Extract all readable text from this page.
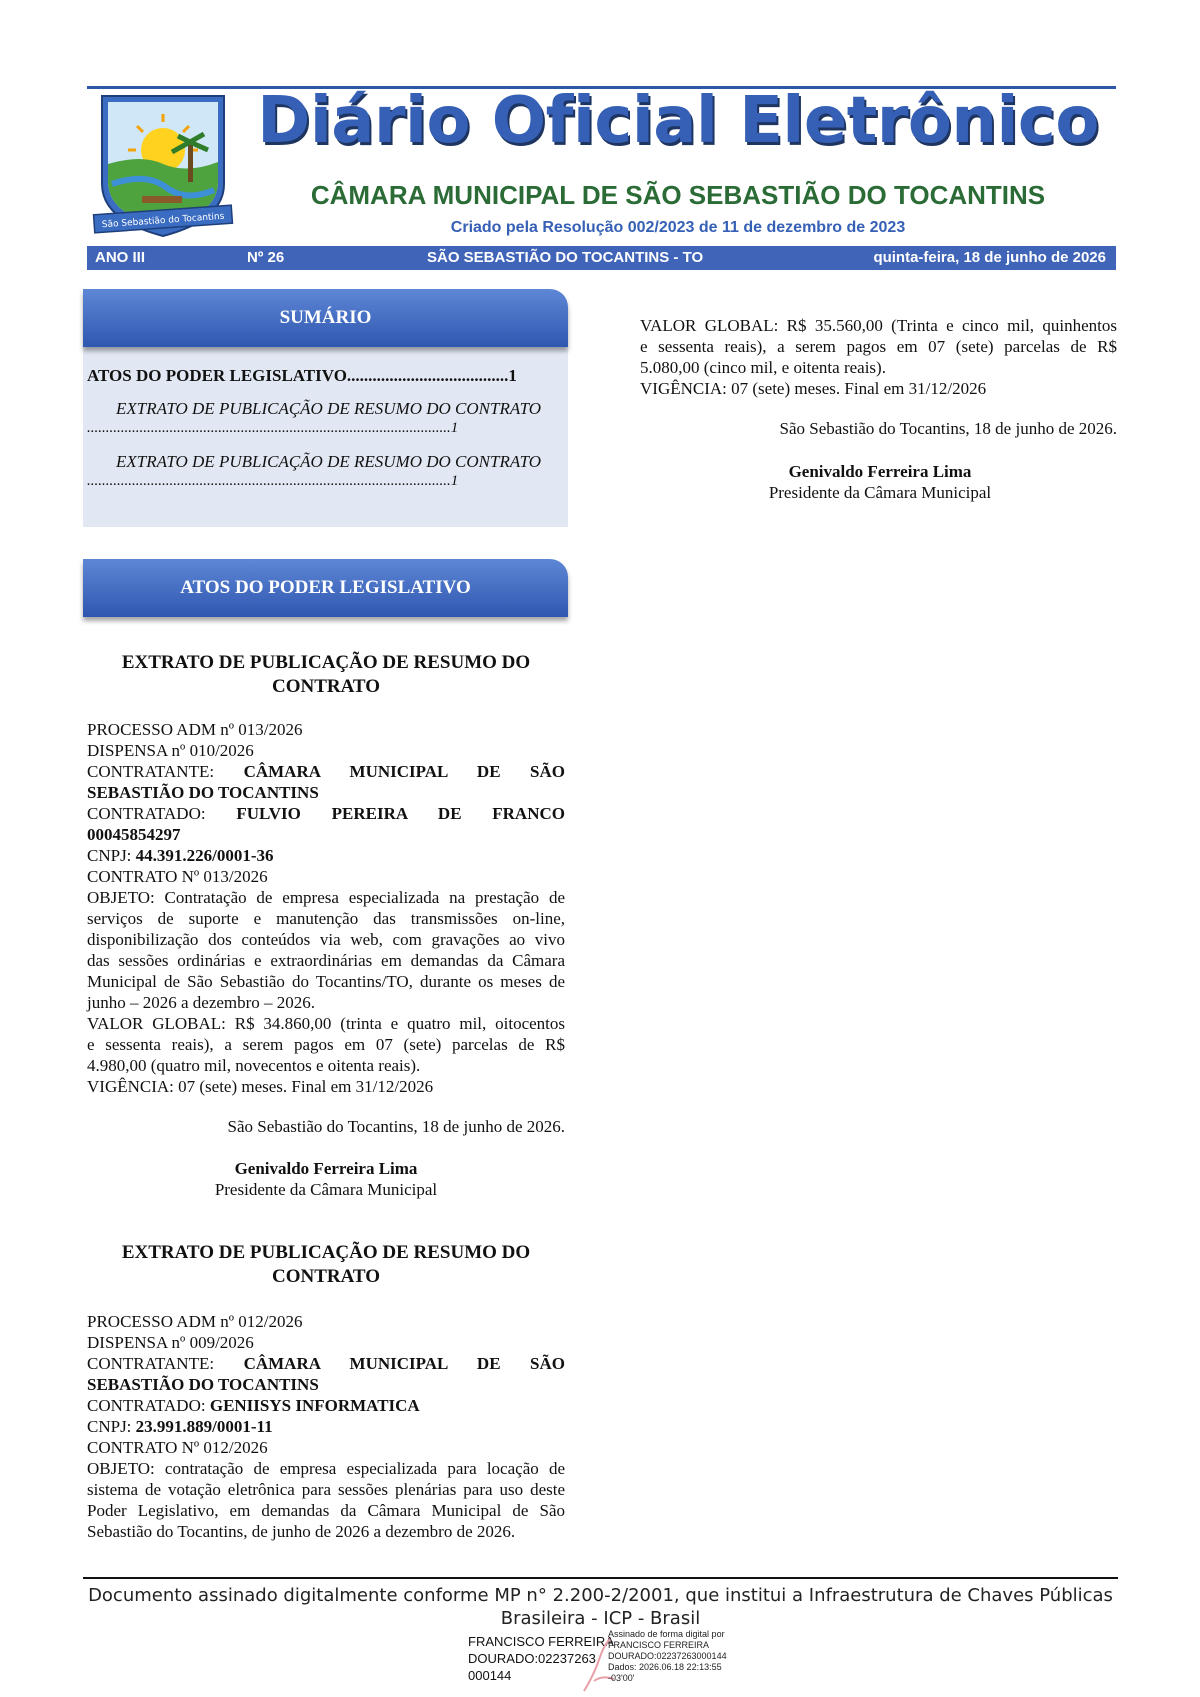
São Sebastião do Tocantins
Diário Oficial Eletrônico
CÂMARA MUNICIPAL DE SÃO SEBASTIÃO DO TOCANTINS
Criado pela Resolução 002/2023 de 11 de dezembro de 2023
ANO III	Nº 26	SÃO SEBASTIÃO DO TOCANTINS - TO	quinta-feira, 18 de junho de 2026
SUMÁRIO
ATOS DO PODER LEGISLATIVO......................................1
EXTRATO DE PUBLICAÇÃO DE RESUMO DO CONTRATO
.................................................................................................1
EXTRATO DE PUBLICAÇÃO DE RESUMO DO CONTRATO
.................................................................................................1
ATOS DO PODER LEGISLATIVO
EXTRATO DE PUBLICAÇÃO DE RESUMO DO
CONTRATO
PROCESSO ADM nº 013/2026
DISPENSA nº 010/2026
CONTRATANTE: CÂMARA MUNICIPAL DE SÃO
SEBASTIÃO DO TOCANTINS
CONTRATADO: FULVIO PEREIRA DE FRANCO
00045854297
CNPJ: 44.391.226/0001-36
CONTRATO Nº 013/2026
OBJETO: Contratação de empresa especializada na prestação de
serviços de suporte e manutenção das transmissões on-line,
disponibilização dos conteúdos via web, com gravações ao vivo
das sessões ordinárias e extraordinárias em demandas da Câmara
Municipal de São Sebastião do Tocantins/TO, durante os meses de
junho – 2026 a dezembro – 2026.
VALOR GLOBAL: R$ 34.860,00 (trinta e quatro mil, oitocentos
e sessenta reais), a serem pagos em 07 (sete) parcelas de R$
4.980,00 (quatro mil, novecentos e oitenta reais).
VIGÊNCIA: 07 (sete) meses. Final em 31/12/2026
São Sebastião do Tocantins, 18 de junho de 2026.
Genivaldo Ferreira Lima
Presidente da Câmara Municipal
EXTRATO DE PUBLICAÇÃO DE RESUMO DO
CONTRATO
PROCESSO ADM nº 012/2026
DISPENSA nº 009/2026
CONTRATANTE: CÂMARA MUNICIPAL DE SÃO
SEBASTIÃO DO TOCANTINS
CONTRATADO: GENIISYS INFORMATICA
CNPJ: 23.991.889/0001-11
CONTRATO Nº 012/2026
OBJETO: contratação de empresa especializada para locação de
sistema de votação eletrônica para sessões plenárias para uso deste
Poder Legislativo, em demandas da Câmara Municipal de São
Sebastião do Tocantins, de junho de 2026 a dezembro de 2026.
VALOR GLOBAL: R$ 35.560,00 (Trinta e cinco mil, quinhentos
e sessenta reais), a serem pagos em 07 (sete) parcelas de R$
5.080,00 (cinco mil, e oitenta reais).
VIGÊNCIA: 07 (sete) meses. Final em 31/12/2026
São Sebastião do Tocantins, 18 de junho de 2026.
Genivaldo Ferreira Lima
Presidente da Câmara Municipal
Documento assinado digitalmente conforme MP n° 2.200-2/2001, que institui a Infraestrutura de Chaves Públicas
Brasileira - ICP - Brasil
FRANCISCO FERREIRA
DOURADO:02237263
000144
Assinado de forma digital por
FRANCISCO FERREIRA
DOURADO:02237263000144
Dados: 2026.06.18 22:13:55
-03'00'
